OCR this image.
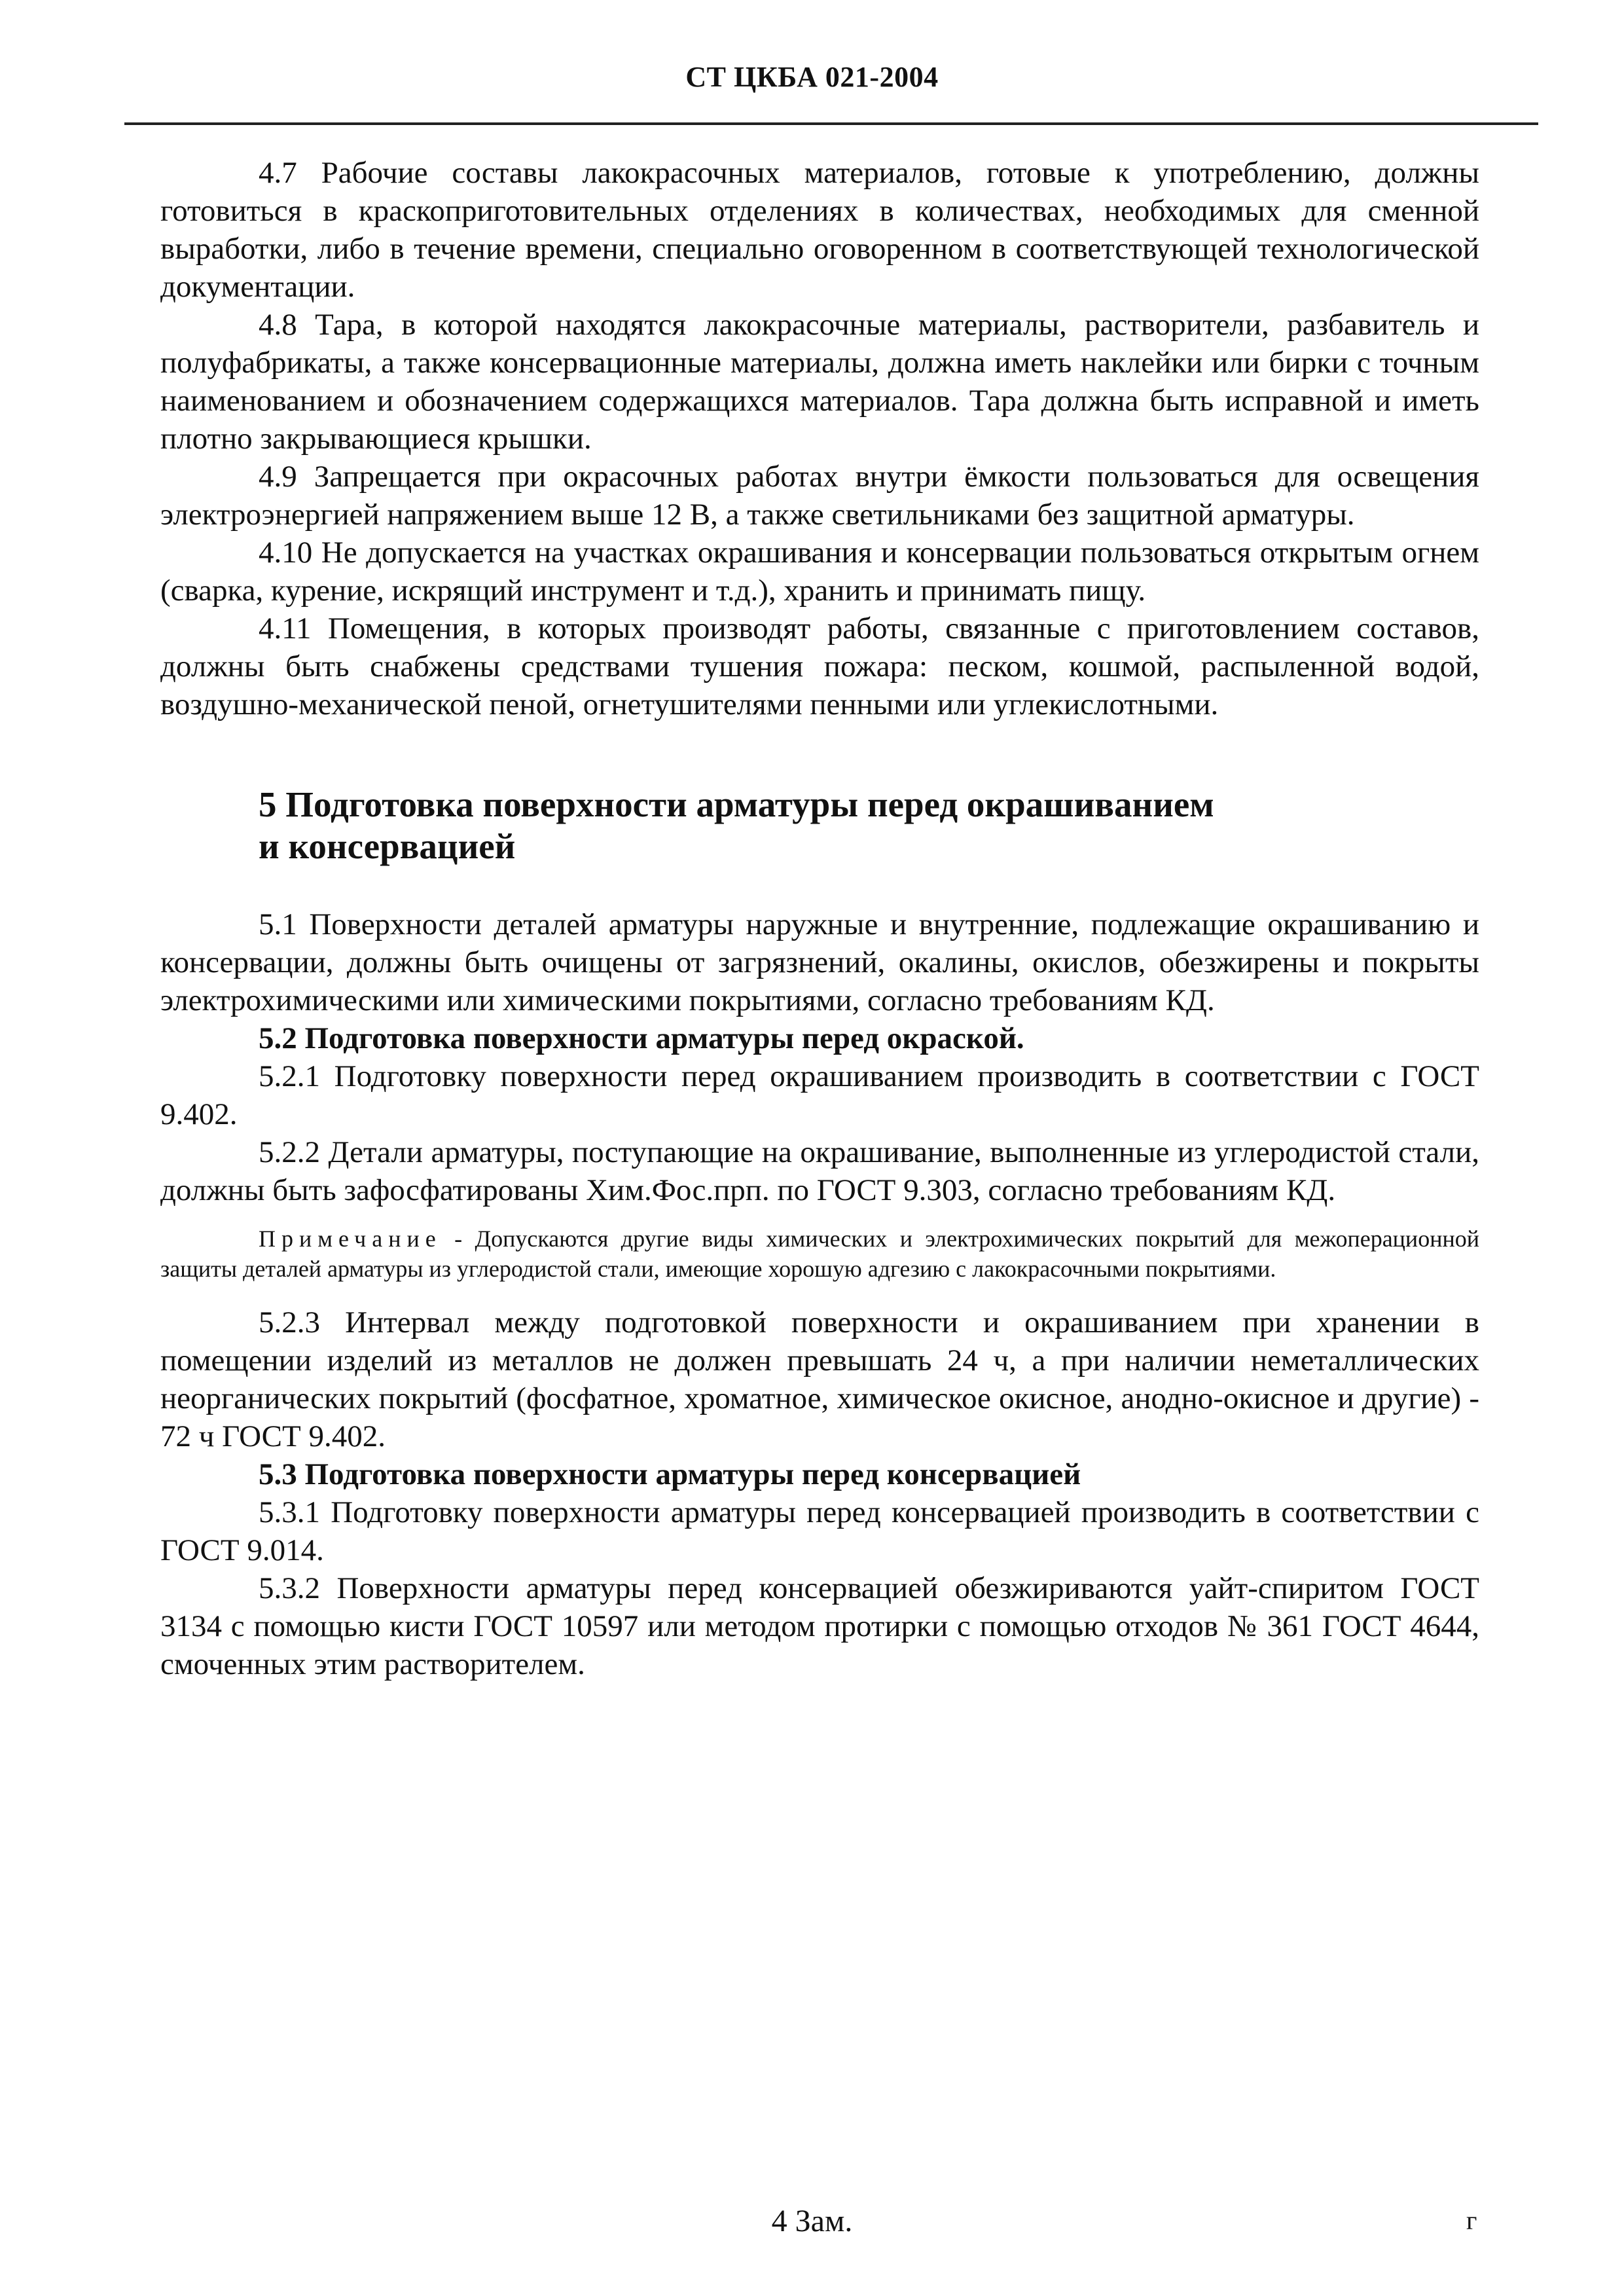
СТ ЦКБА 021-2004

4.7 Рабочие составы лакокрасочных материалов, готовые к употреблению, должны готовиться в краскоприготовительных отделениях в количествах, необходимых для сменной выработки, либо в течение времени, специально оговоренном в соответствующей технологической документации.

4.8 Тара, в которой находятся лакокрасочные материалы, растворители, разбавитель и полуфабрикаты, а также консервационные материалы, должна иметь наклейки или бирки с точным наименованием и обозначением содержащихся материалов. Тара должна быть исправной и иметь плотно закрывающиеся крышки.

4.9 Запрещается при окрасочных работах внутри ёмкости пользоваться для освещения электроэнергией напряжением выше 12 В, а также светильниками без защитной арматуры.

4.10 Не допускается на участках окрашивания и консервации пользоваться открытым огнем (сварка, курение, искрящий инструмент и т.д.), хранить и принимать пищу.

4.11 Помещения, в которых производят работы, связанные с приготовлением составов, должны быть снабжены средствами тушения пожара: песком, кошмой, распыленной водой, воздушно-механической пеной, огнетушителями пенными или углекислотными.

5 Подготовка поверхности арматуры перед окрашиванием
и консервацией

5.1 Поверхности деталей арматуры наружные и внутренние, подлежащие окрашиванию и консервации, должны быть очищены от загрязнений, окалины, окислов, обезжирены и покрыты электрохимическими или химическими покрытиями, согласно требованиям КД.

5.2 Подготовка поверхности арматуры перед окраской.

5.2.1 Подготовку поверхности перед окрашиванием производить в соответствии с ГОСТ 9.402.

5.2.2 Детали арматуры, поступающие на окрашивание, выполненные из углеродистой стали, должны быть зафосфатированы Хим.Фос.прп. по ГОСТ 9.303, согласно требованиям КД.

Примечание - Допускаются другие виды химических и электрохимических покрытий для межоперационной защиты деталей арматуры из углеродистой стали, имеющие хорошую адгезию с лакокрасочными покрытиями.

5.2.3 Интервал между подготовкой поверхности и окрашиванием при хранении в помещении изделий из металлов не должен превышать 24 ч, а при наличии неметаллических неорганических покрытий (фосфатное, хроматное, химическое окисное, анодно-окисное и другие) - 72 ч ГОСТ 9.402.

5.3 Подготовка поверхности арматуры перед консервацией

5.3.1 Подготовку поверхности арматуры перед консервацией производить в соответствии с ГОСТ 9.014.

5.3.2 Поверхности арматуры перед консервацией обезжириваются уайт-спиритом ГОСТ 3134 с помощью кисти ГОСТ 10597 или методом протирки с помощью отходов № 361 ГОСТ 4644, смоченных этим растворителем.

4 Зам.	г
